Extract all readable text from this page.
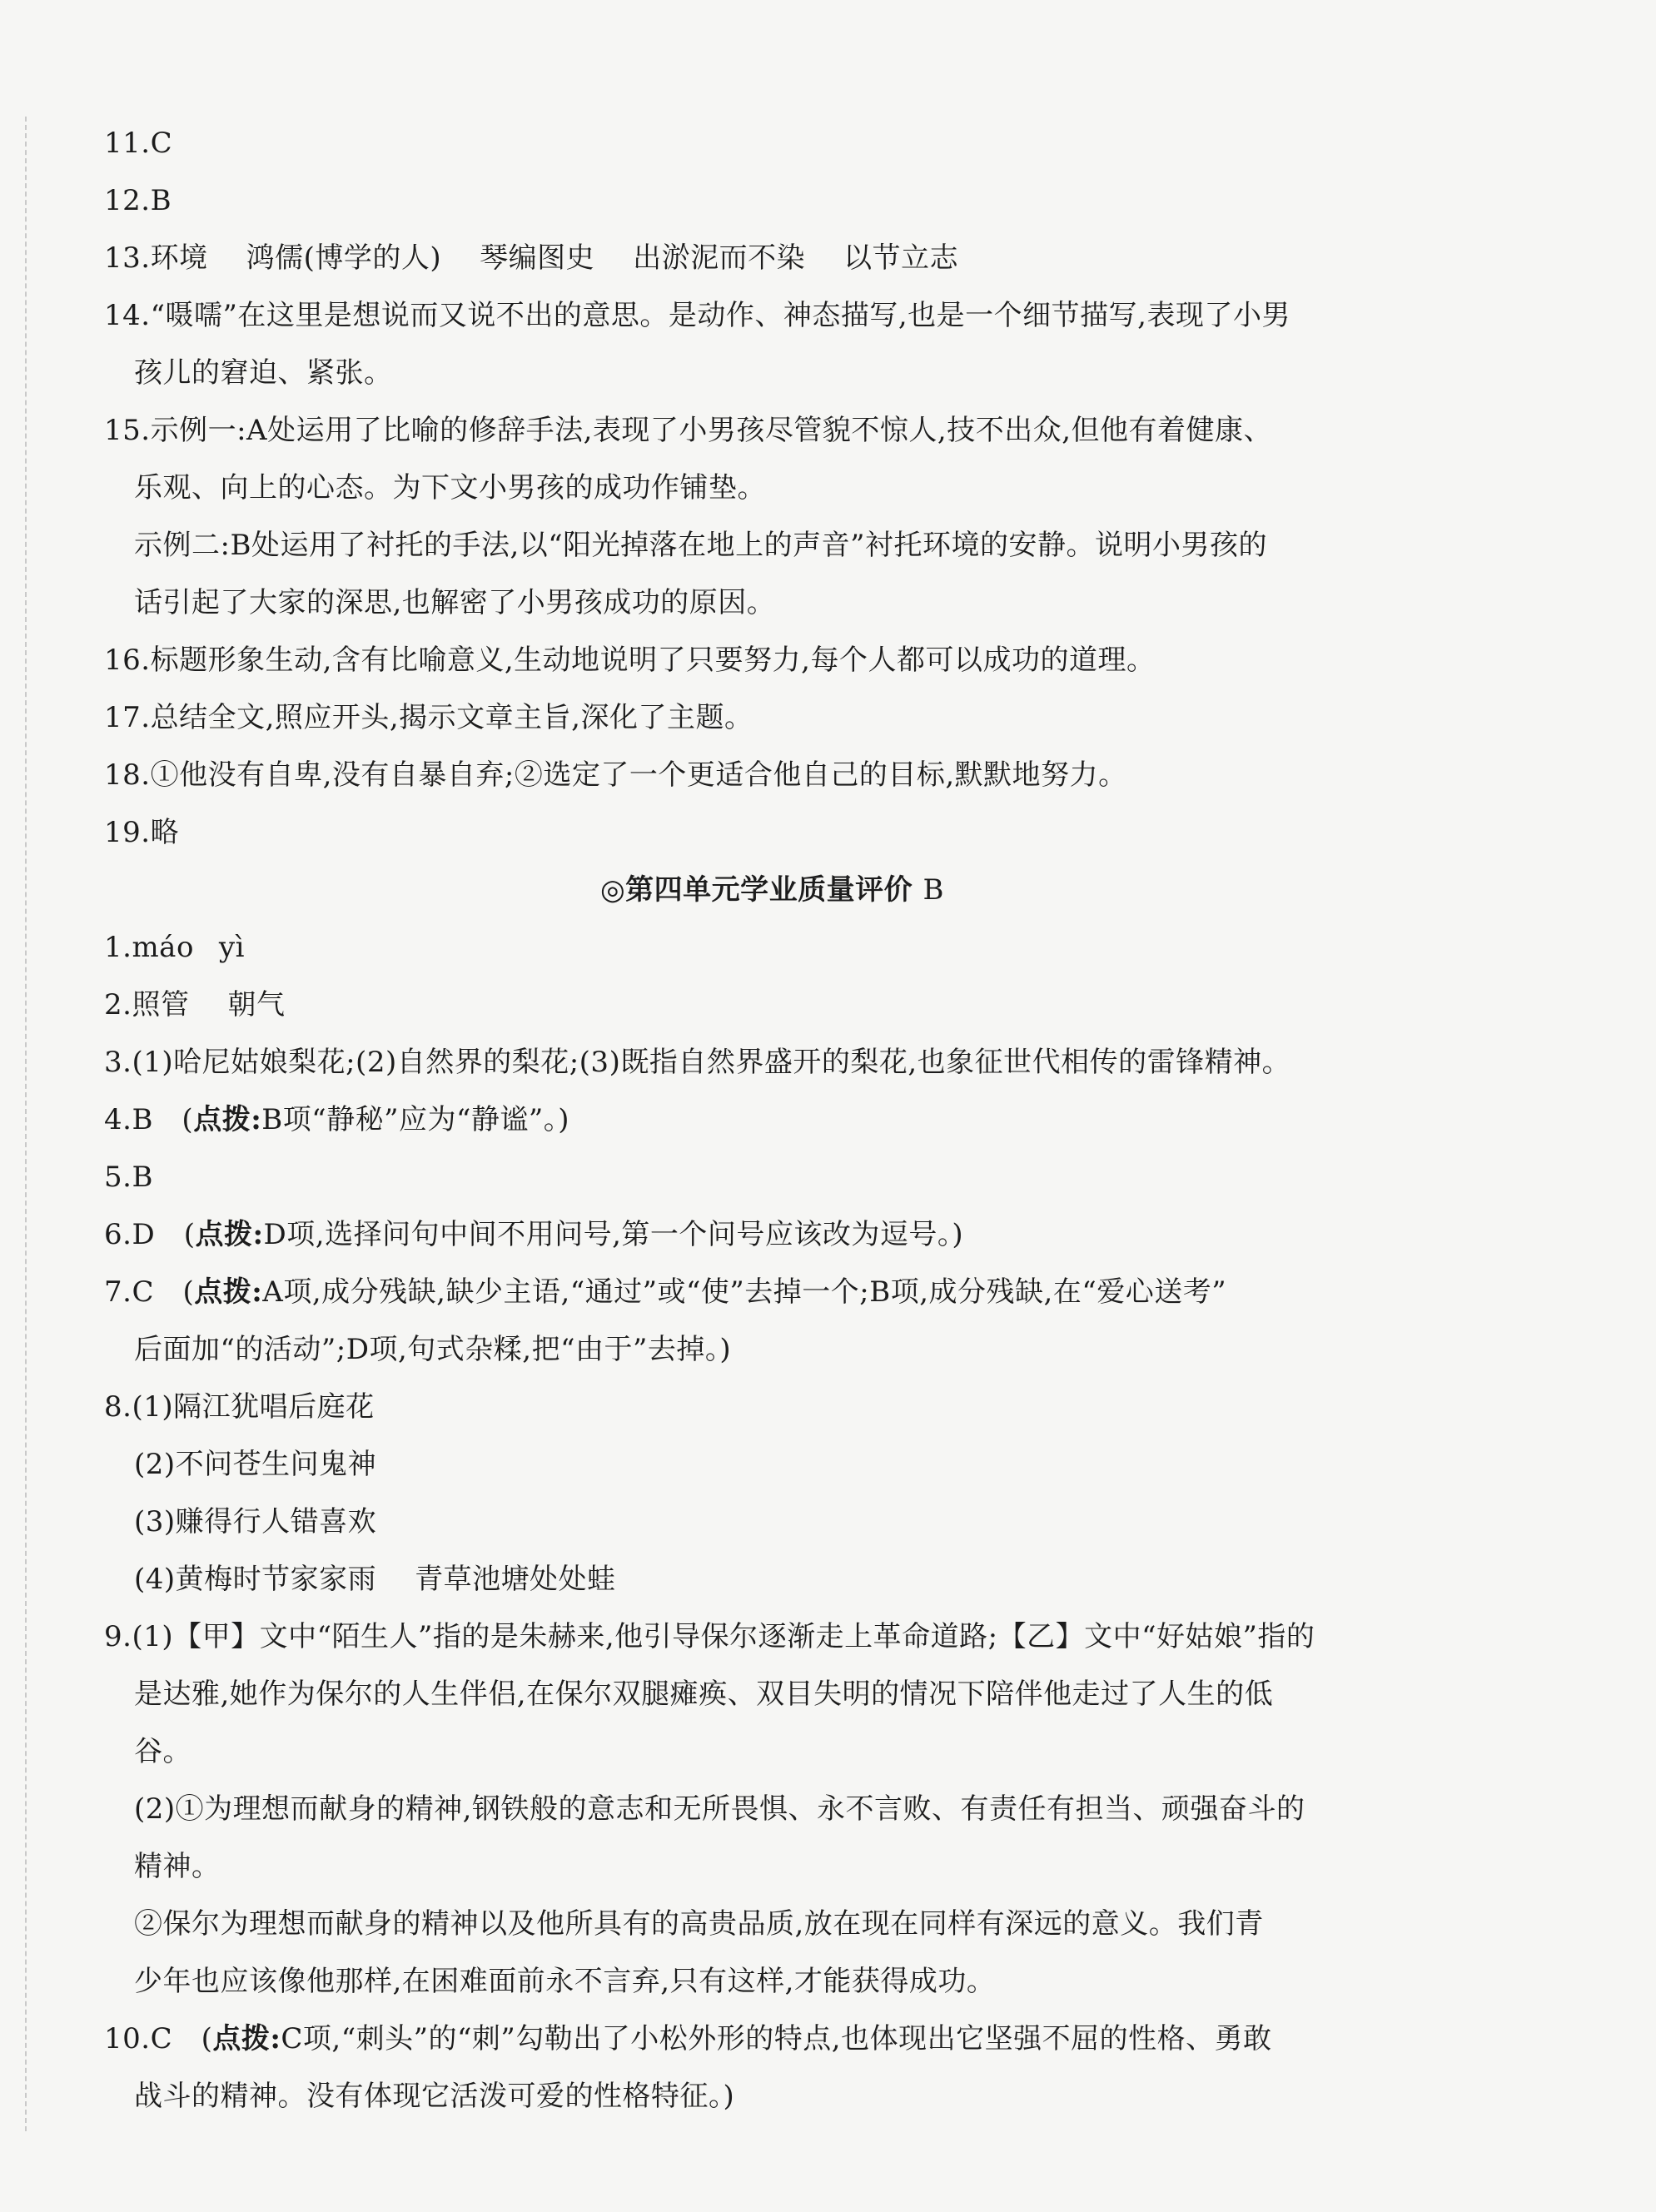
11.C
12.B
13.环境 鸿儒(博学的人) 琴编图史 出淤泥而不染 以节立志
14.“嗫嚅”在这里是想说而又说不出的意思。是动作、神态描写,也是一个细节描写,表现了小男
孩儿的窘迫、紧张。
15.示例一:A处运用了比喻的修辞手法,表现了小男孩尽管貌不惊人,技不出众,但他有着健康、
乐观、向上的心态。为下文小男孩的成功作铺垫。
示例二:B处运用了衬托的手法,以“阳光掉落在地上的声音”衬托环境的安静。说明小男孩的
话引起了大家的深思,也解密了小男孩成功的原因。
16.标题形象生动,含有比喻意义,生动地说明了只要努力,每个人都可以成功的道理。
17.总结全文,照应开头,揭示文章主旨,深化了主题。
18.①他没有自卑,没有自暴自弃;②选定了一个更适合他自己的目标,默默地努力。
19.略
◎第四单元学业质量评价 B
1.máo yì
2.照管 朝气
3.(1)哈尼姑娘梨花;(2)自然界的梨花;(3)既指自然界盛开的梨花,也象征世代相传的雷锋精神。
4.B　(点拨:B项“静秘”应为“静谧”。)
5.B
6.D　(点拨:D项,选择问句中间不用问号,第一个问号应该改为逗号。)
7.C　(点拨:A项,成分残缺,缺少主语,“通过”或“使”去掉一个;B项,成分残缺,在“爱心送考”
后面加“的活动”;D项,句式杂糅,把“由于”去掉。)
8.(1)隔江犹唱后庭花
(2)不问苍生问鬼神
(3)赚得行人错喜欢
(4)黄梅时节家家雨 青草池塘处处蛙
9.(1)【甲】文中“陌生人”指的是朱赫来,他引导保尔逐渐走上革命道路;【乙】文中“好姑娘”指的
是达雅,她作为保尔的人生伴侣,在保尔双腿瘫痪、双目失明的情况下陪伴他走过了人生的低
谷。
(2)①为理想而献身的精神,钢铁般的意志和无所畏惧、永不言败、有责任有担当、顽强奋斗的
精神。
②保尔为理想而献身的精神以及他所具有的高贵品质,放在现在同样有深远的意义。我们青
少年也应该像他那样,在困难面前永不言弃,只有这样,才能获得成功。
10.C　(点拨:C项,“刺头”的“刺”勾勒出了小松外形的特点,也体现出它坚强不屈的性格、勇敢
战斗的精神。没有体现它活泼可爱的性格特征。)
